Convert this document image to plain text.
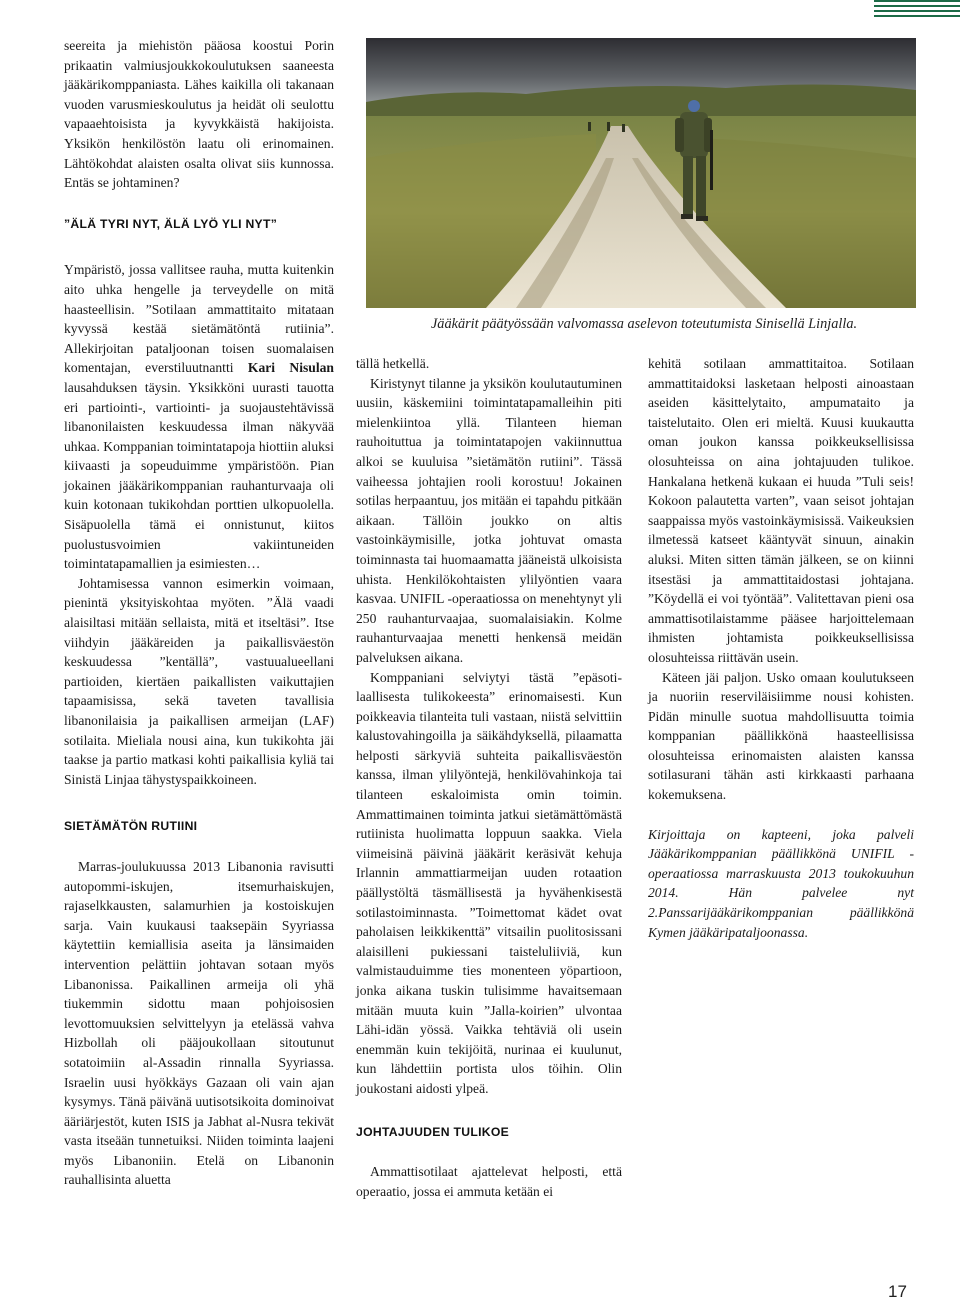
seereita ja miehistön pääosa koostui Porin prikaatin valmiusjoukkokoulutuksen saaneesta jääkärikomppaniasta. Lähes kaikilla oli takanaan vuoden varusmieskoulutus ja heidät oli seulottu vapaaehtoisista ja kyvykkäistä hakijoista. Yksikön henkilöstön laatu oli erinomainen. Lähtökohdat alaisten osalta olivat siis kunnossa. Entäs se johtaminen?

”ÄLÄ TYRI NYT, ÄLÄ LYÖ YLI NYT”

Ympäristö, jossa vallitsee rauha, mutta kuitenkin aito uhka hengelle ja terveydelle on mitä haasteellisin. ”Sotilaan ammattitaito mitataan kyvyssä kestää sietämätöntä rutiinia”. Allekirjoitan pataljoonan toisen suomalaisen komentajan, everstiluutnantti Kari Nisulan lausahduksen täysin. Yksikköni uurasti tauotta eri partiointi-, vartiointi- ja suojaustehtävissä libanonilaisten keskuudessa ilman näkyvää uhkaa. Komppanian toimintatapoja hiottiin aluksi kiivaasti ja sopeuduimme ympäristöön. Pian jokainen jääkärikomppanian rauhanturvaaja oli kuin kotonaan tukikohdan porttien ulkopuolella. Sisäpuolella tämä ei onnistunut, kiitos puolustusvoimien vakiintuneiden toimintatapamallien ja esimiesten…

Johtamisessa vannon esimerkin voimaan, pienintä yksityiskohtaa myöten. ”Älä vaadi alaisiltasi mitään sellaista, mitä et itseltäsi”. Itse viihdyin jääkäreiden ja paikallisväestön keskuudessa ”kentällä”, vastuualueellani partioiden, kiertäen paikallisten vaikuttajien tapaamisissa, sekä taveten tavallisia libanonilaisia ja paikallisen armeijan (LAF) sotilaita. Mieliala nousi aina, kun tukikohta jäi taakse ja partio matkasi kohti paikallisia kyliä tai Sinistä Linjaa tähystyspaikkoineen.

SIETÄMÄTÖN RUTIINI

Marras-joulukuussa 2013 Libanonia ravisutti autopommi-iskujen, itsemurhaiskujen, rajaselkkausten, salamurhien ja kostoiskujen sarja. Vain kuukausi taaksepäin Syyriassa käytettiin kemiallisia aseita ja länsimaiden intervention pelättiin johtavan sotaan myös Libanonissa. Paikallinen armeija oli yhä tiukemmin sidottu maan pohjoisosien levottomuuksien selvittelyyn ja etelässä vahva Hizbollah oli pääjoukollaan sitoutunut sotatoimiin al-Assadin rinnalla Syyriassa. Israelin uusi hyökkäys Gazaan oli vain ajan kysymys. Tänä päivänä uutisotsikoita dominoivat ääriärjestöt, kuten ISIS ja Jabhat al-Nusra tekivät vasta itseään tunnetuiksi. Niiden toiminta laajeni myös Libanoniin. Etelä on Libanonin rauhallisinta aluetta

Jääkärit päätyössään valvomassa aselevon toteutumista Sinisellä Linjalla.

tällä hetkellä.

Kiristynyt tilanne ja yksikön koulutautuminen uusiin, käskemiini toimintatapamalleihin piti mielenkiintoa yllä. Tilanteen hieman rauhoituttua ja toimintatapojen vakiinnuttua alkoi se kuuluisa ”sietämätön rutiini”. Tässä vaiheessa johtajien rooli korostuu! Jokainen sotilas herpaantuu, jos mitään ei tapahdu pitkään aikaan. Tällöin joukko on altis vastoinkäymisille, jotka johtuvat omasta toiminnasta tai huomaamatta jääneistä ulkoisista uhista. Henkilökohtaisten ylilyöntien vaara kasvaa. UNIFIL -operaatiossa on menehtynyt yli 250 rauhanturvaajaa, suomalaisiakin. Kolme rauhanturvaajaa menetti henkensä meidän palveluksen aikana.

Komppaniani selviytyi tästä ”epäsotilaallisesta tulikokeesta” erinomaisesti. Kun poikkeavia tilanteita tuli vastaan, niistä selvittiin kalustovahingoilla ja säikähdyksellä, pilaamatta helposti särkyviä suhteita paikallisväestön kanssa, ilman ylilyöntejä, henkilövahinkoja tai tilanteen eskaloimista omin toimin. Ammattimainen toiminta jatkui sietämättömästä rutiinista huolimatta loppuun saakka. Viela viimeisinä päivinä jääkärit keräsivät kehuja Irlannin ammattiarmeijan uuden rotaation päällystöltä täsmällisestä ja hyvähenkisestä sotilastoiminnasta. ”Toimettomat kädet ovat paholaisen leikkikenttä” vitsailin puolitosissani alaisilleni pukiessani taisteluliiviä, kun valmistauduimme ties monenteen yöpartioon, jonka aikana tuskin tulisimme havaitsemaan mitään muuta kuin ”Jalla-koirien” ulvontaa Lähi-idän yössä. Vaikka tehtäviä oli usein enemmän kuin tekijöitä, nurinaa ei kuulunut, kun lähdettiin portista ulos töihin. Olin joukostani aidosti ylpeä.

JOHTAJUUDEN TULIKOE

Ammattisotilaat ajattelevat helposti, että operaatio, jossa ei ammuta ketään ei

kehitä sotilaan ammattitaitoa. Sotilaan ammattitaidoksi lasketaan helposti ainoastaan aseiden käsittelytaito, ampumataito ja taistelutaito. Olen eri mieltä. Kuusi kuukautta oman joukon kanssa poikkeuksellisissa olosuhteissa on aina johtajuuden tulikoe. Hankalana hetkenä kukaan ei huuda ”Tuli seis! Kokoon palautetta varten”, vaan seisot johtajan saappaissa myös vastoinkäymisissä. Vaikeuksien ilmetessä katseet kääntyvät sinuun, ainakin aluksi. Miten sitten tämän jälkeen, se on kiinni itsestäsi ja ammattitaidostasi johtajana. ”Köydellä ei voi työntää”. Valitettavan pieni osa ammattisotilaistamme pääsee harjoittelemaan ihmisten johtamista poikkeuksellisissa olosuhteissa riittävän usein.

Käteen jäi paljon. Usko omaan koulutukseen ja nuoriin reserviläisiimme nousi kohisten. Pidän minulle suotua mahdollisuutta toimia komppanian päällikkönä haasteellisissa olosuhteissa erinomaisten alaisten kanssa sotilasurani tähän asti kirkkaasti parhaana kokemuksena.

Kirjoittaja on kapteeni, joka palveli Jääkärikomppanian päällikkönä UNIFIL -operaatiossa marraskuusta 2013 toukokuuhun 2014. Hän palvelee nyt 2.Panssarijääkärikomppanian päällikkönä Kymen jääkäripataljoonassa.

17
